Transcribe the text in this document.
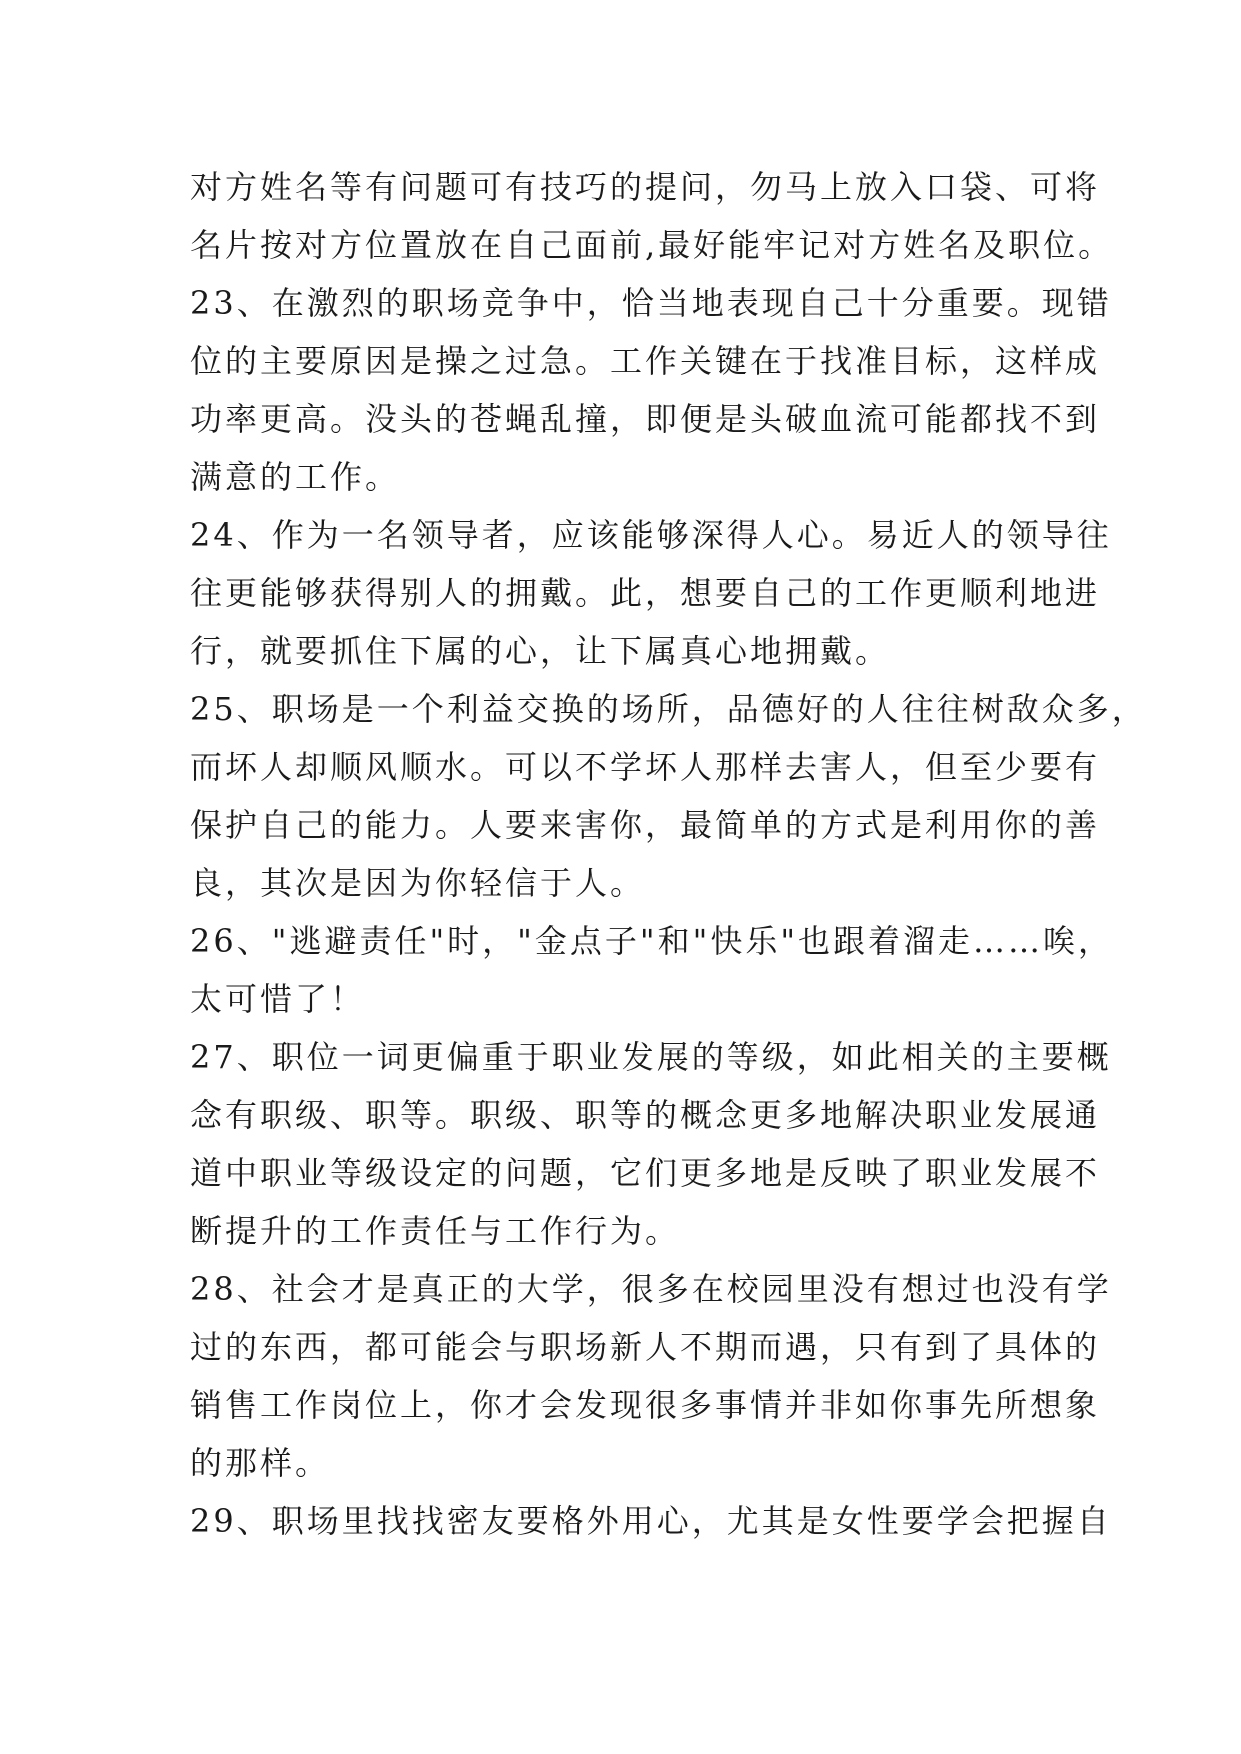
对方姓名等有问题可有技巧的提问，勿马上放入口袋、可将
名片按对方位置放在自己面前,最好能牢记对方姓名及职位。
23、在激烈的职场竞争中，恰当地表现自己十分重要。现错
位的主要原因是操之过急。工作关键在于找准目标，这样成
功率更高。没头的苍蝇乱撞，即便是头破血流可能都找不到
满意的工作。
24、作为一名领导者，应该能够深得人心。易近人的领导往
往更能够获得别人的拥戴。此，想要自己的工作更顺利地进
行，就要抓住下属的心，让下属真心地拥戴。
25、职场是一个利益交换的场所，品德好的人往往树敌众多，
而坏人却顺风顺水。可以不学坏人那样去害人，但至少要有
保护自己的能力。人要来害你，最简单的方式是利用你的善
良，其次是因为你轻信于人。
26、"逃避责任"时，"金点子"和"快乐"也跟着溜走……唉，
太可惜了！
27、职位一词更偏重于职业发展的等级，如此相关的主要概
念有职级、职等。职级、职等的概念更多地解决职业发展通
道中职业等级设定的问题，它们更多地是反映了职业发展不
断提升的工作责任与工作行为。
28、社会才是真正的大学，很多在校园里没有想过也没有学
过的东西，都可能会与职场新人不期而遇，只有到了具体的
销售工作岗位上，你才会发现很多事情并非如你事先所想象
的那样。
29、职场里找找密友要格外用心，尤其是女性要学会把握自
